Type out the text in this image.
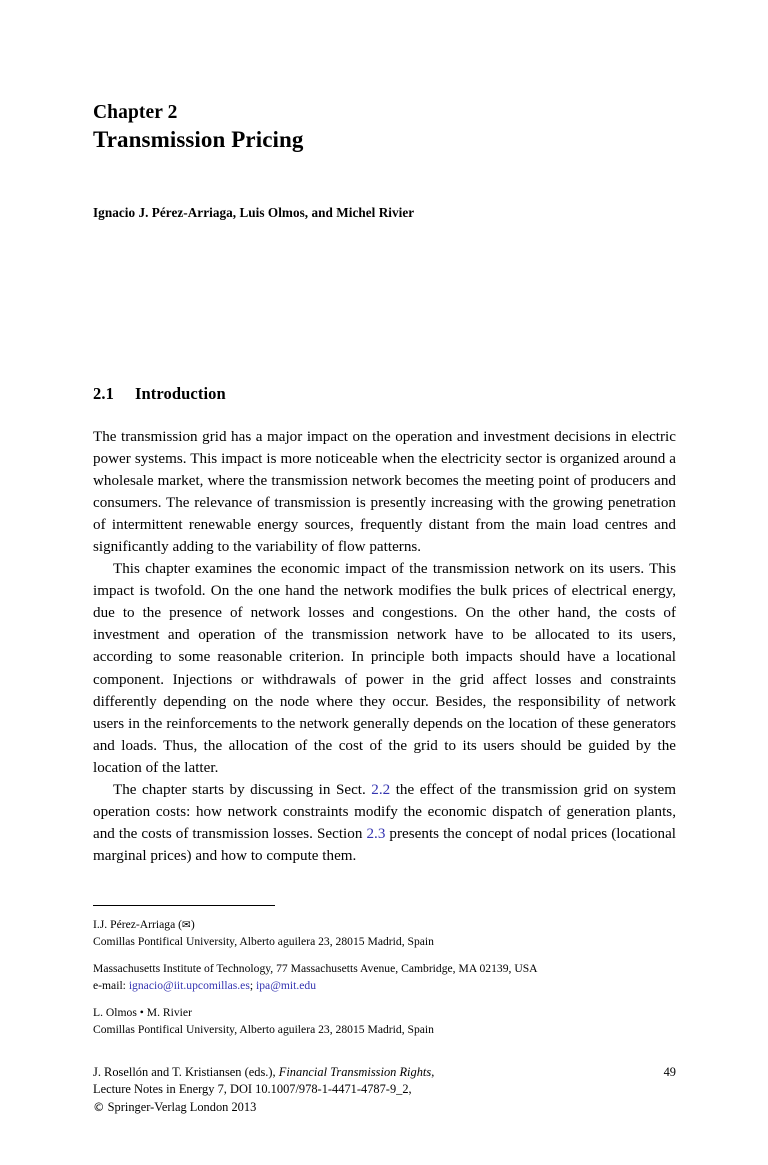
Chapter 2
Transmission Pricing
Ignacio J. Pérez-Arriaga, Luis Olmos, and Michel Rivier
2.1 Introduction

The transmission grid has a major impact on the operation and investment decisions in electric power systems. This impact is more noticeable when the electricity sector is organized around a wholesale market, where the transmission network becomes the meeting point of producers and consumers. The relevance of transmission is presently increasing with the growing penetration of intermittent renewable energy sources, frequently distant from the main load centres and significantly adding to the variability of flow patterns.

This chapter examines the economic impact of the transmission network on its users. This impact is twofold. On the one hand the network modifies the bulk prices of electrical energy, due to the presence of network losses and congestions. On the other hand, the costs of investment and operation of the transmission network have to be allocated to its users, according to some reasonable criterion. In principle both impacts should have a locational component. Injections or withdrawals of power in the grid affect losses and constraints differently depending on the node where they occur. Besides, the responsibility of network users in the reinforcements to the network generally depends on the location of these generators and loads. Thus, the allocation of the cost of the grid to its users should be guided by the location of the latter.

The chapter starts by discussing in Sect. 2.2 the effect of the transmission grid on system operation costs: how network constraints modify the economic dispatch of generation plants, and the costs of transmission losses. Section 2.3 presents the concept of nodal prices (locational marginal prices) and how to compute them.

I.J. Pérez-Arriaga (✉)

Comillas Pontifical University, Alberto aguilera 23, 28015 Madrid, Spain

Massachusetts Institute of Technology, 77 Massachusetts Avenue, Cambridge, MA 02139, USA

e-mail: ignacio@iit.upcomillas.es; ipa@mit.edu

L. Olmos • M. Rivier

Comillas Pontifical University, Alberto aguilera 23, 28015 Madrid, Spain

J. Rosellón and T. Kristiansen (eds.), Financial Transmission Rights,

Lecture Notes in Energy 7, DOI 10.1007/978-1-4471-4787-9_2,

© Springer-Verlag London 2013

49
